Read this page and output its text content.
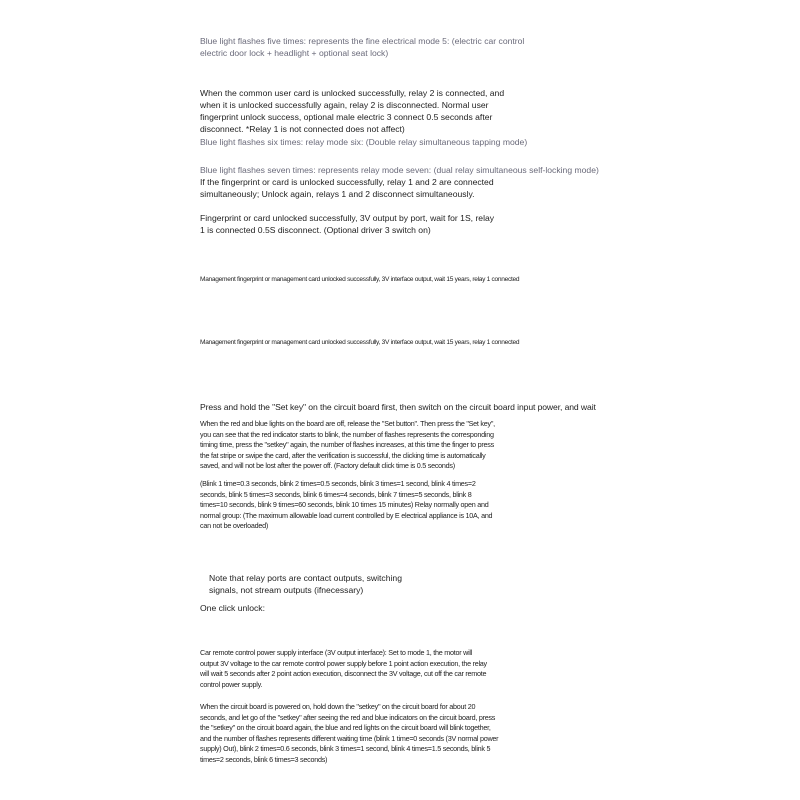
Blue light flashes five times: represents the fine electrical mode 5: (electric car control electric door lock + headlight + optional seat lock)

When the common user card is unlocked successfully, relay 2 is connected, and when it is unlocked successfully again, relay 2 is disconnected. Normal user fingerprint unlock success, optional male electric 3 connect 0.5 seconds after disconnect. *Relay 1 is not connected does not affect)

Blue light flashes six times: relay mode six: (Double relay simultaneous tapping mode)

Blue light flashes seven times: represents relay mode seven: (dual relay simultaneous self-locking mode)

If the fingerprint or card is unlocked successfully, relay 1 and 2 are connected simultaneously; Unlock again, relays 1 and 2 disconnect simultaneously.

Fingerprint or card unlocked successfully, 3V output by port, wait for 1S, relay 1 is connected 0.5S disconnect. (Optional driver 3 switch on)

Management fingerprint or management card unlocked successfully, 3V interface output, wait 15 years, relay 1 connected

Management fingerprint or management card unlocked successfully, 3V interface output, wait 15 years, relay 1 connected

Press and hold the "Set key" on the circuit board first, then switch on the circuit board input power, and wait

When the red and blue lights on the board are off, release the "Set button". Then press the "Set key", you can see that the red indicator starts to blink, the number of flashes represents the corresponding timing time, press the "setkey" again, the number of flashes increases, at this time the finger to press the fat stripe or swipe the card, after the verification is successful, the clicking time is automatically saved, and will not be lost after the power off. (Factory default click time is 0.5 seconds)

(Blink 1 time=0.3 seconds, blink 2 times=0.5 seconds, blink 3 times=1 second, blink 4 times=2 seconds, blink 5 times=3 seconds, blink 6 times=4 seconds, blink 7 times=5 seconds, blink 8 times=10 seconds, blink 9 times=60 seconds, blink 10 times 15 minutes) Relay normally open and normal group: (The maximum allowable load current controlled by E electrical appliance is 10A, and can not be overloaded)

Note that relay ports are contact outputs, switching signals, not stream outputs (ifnecessary)

One click unlock:

Car remote control power supply interface (3V output interface): Set to mode 1, the motor will output 3V voltage to the car remote control power supply before 1 point action execution, the relay will wait 5 seconds after 2 point action execution, disconnect the 3V voltage, cut off the car remote control power supply.

When the circuit board is powered on, hold down the "setkey" on the circuit board for about 20 seconds, and let go of the "setkey" after seeing the red and blue indicators on the circuit board, press the "setkey" on the circuit board again, the blue and red lights on the circuit board will blink together, and the number of flashes represents different waiting time (blink 1 time=0 seconds (3V normal power supply) Out), blink 2 times=0.6 seconds, blink 3 times=1 second, blink 4 times=1.5 seconds, blink 5 times=2 seconds, blink 6 times=3 seconds)
